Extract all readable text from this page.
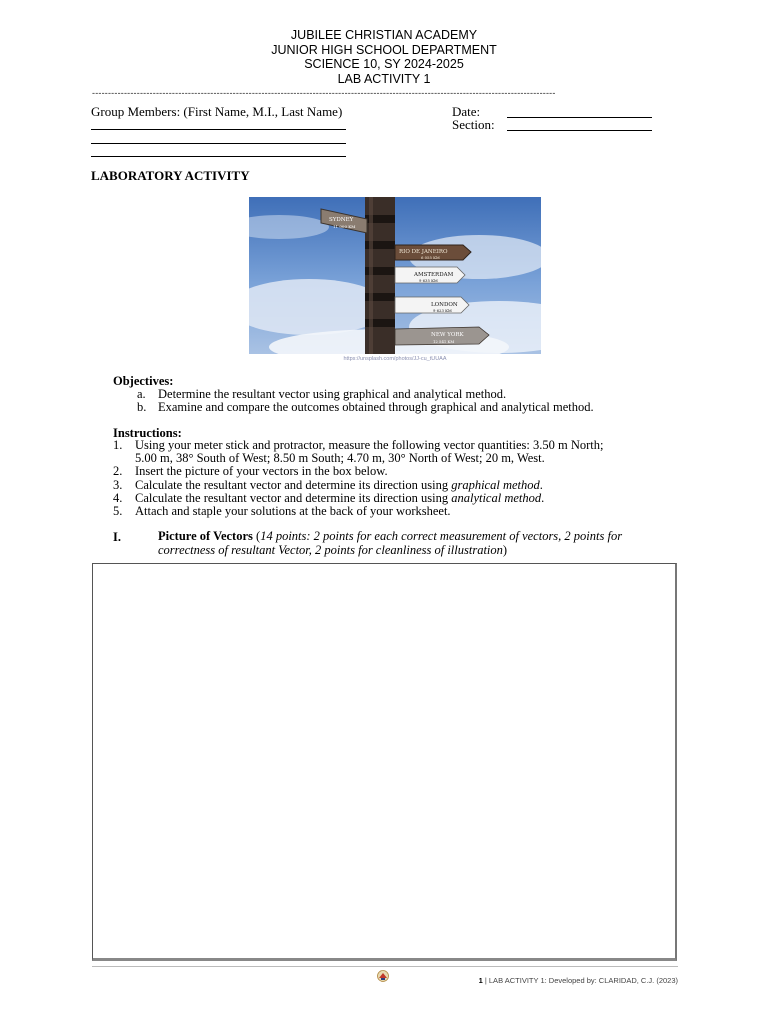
JUBILEE CHRISTIAN ACADEMY
JUNIOR HIGH SCHOOL DEPARTMENT
SCIENCE 10, SY 2024-2025
LAB ACTIVITY 1
-------------------------------------------------------------------------------------------------------------------------------------------------
Group Members: (First Name, M.I., Last Name)	Date:
Section:
LABORATORY ACTIVITY
SYDNEY
11 000 KM
RIO DE JANEIRO
6 055 KM
AMSTERDAM
9 635 KM
LONDON
9 623 KM
NEW YORK
12 541 KM
https://unsplash.com/photos/JJ-cu_tUUAA
Objectives:
a. Determine the resultant vector using graphical and analytical method.
b. Examine and compare the outcomes obtained through graphical and analytical method.
Instructions:
1. Using your meter stick and protractor, measure the following vector quantities: 3.50 m North;
5.00 m, 38° South of West; 8.50 m South; 4.70 m, 30° North of West; 20 m, West.
2. Insert the picture of your vectors in the box below.
3. Calculate the resultant vector and determine its direction using graphical method.
4. Calculate the resultant vector and determine its direction using analytical method.
5. Attach and staple your solutions at the back of your worksheet.
I.	Picture of Vectors (14 points: 2 points for each correct measurement of vectors, 2 points for
correctness of resultant Vector, 2 points for cleanliness of illustration)
1 | LAB ACTIVITY 1: Developed by: CLARIDAD, C.J. (2023)
